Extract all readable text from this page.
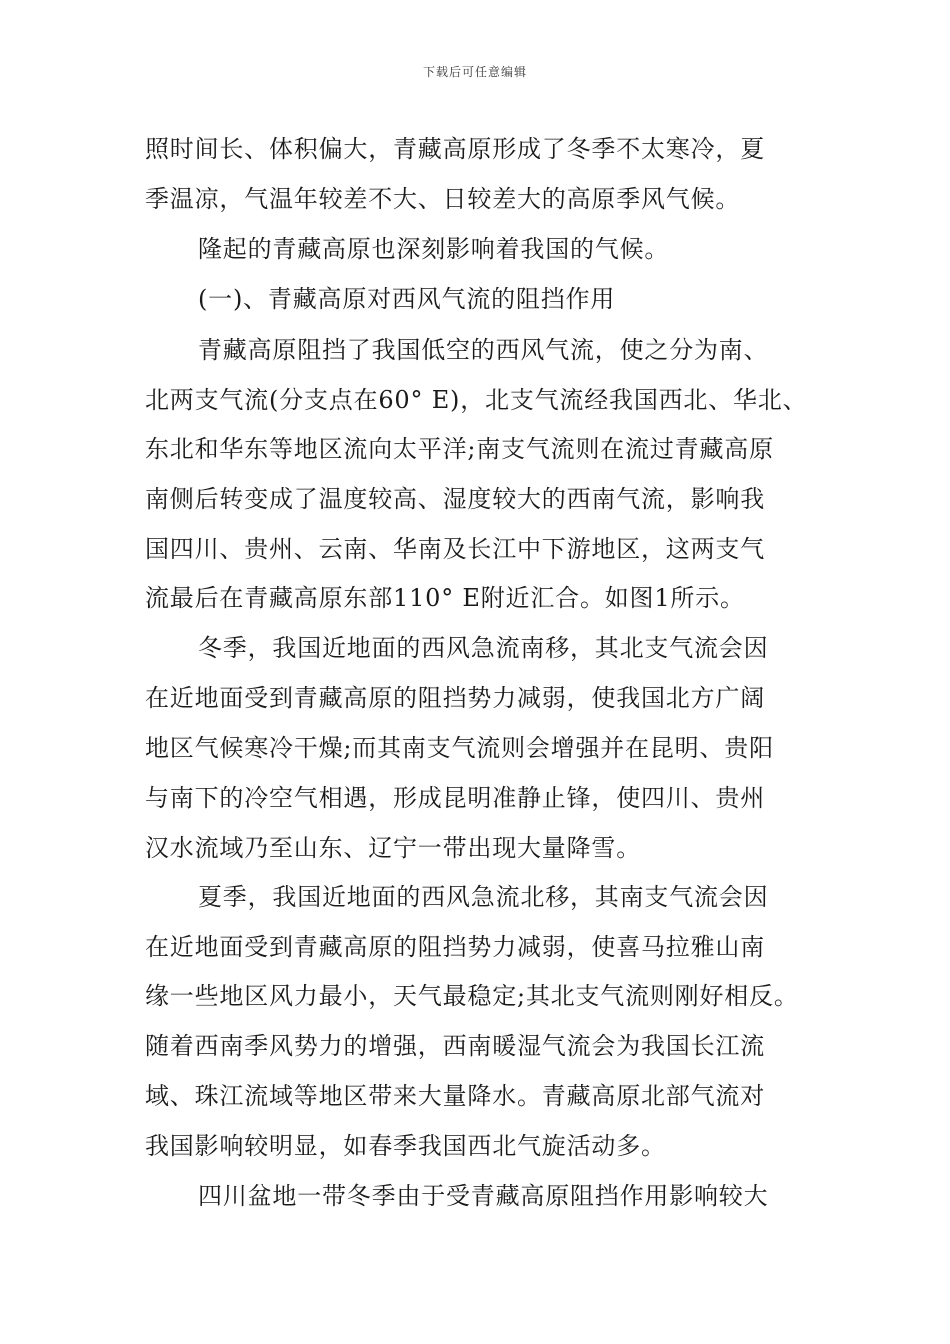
下载后可任意编辑
照时间长、体积偏大，青藏高原形成了冬季不太寒冷，夏
季温凉，气温年较差不大、日较差大的高原季风气候。
隆起的青藏高原也深刻影响着我国的气候。
(一)、青藏高原对西风气流的阻挡作用
青藏高原阻挡了我国低空的西风气流，使之分为南、
北两支气流(分支点在60° E)，北支气流经我国西北、华北、
东北和华东等地区流向太平洋;南支气流则在流过青藏高原
南侧后转变成了温度较高、湿度较大的西南气流，影响我
国四川、贵州、云南、华南及长江中下游地区，这两支气
流最后在青藏高原东部110° E附近汇合。如图1所示。
冬季，我国近地面的西风急流南移，其北支气流会因
在近地面受到青藏高原的阻挡势力减弱，使我国北方广阔
地区气候寒冷干燥;而其南支气流则会增强并在昆明、贵阳
与南下的冷空气相遇，形成昆明准静止锋，使四川、贵州
汉水流域乃至山东、辽宁一带出现大量降雪。
夏季，我国近地面的西风急流北移，其南支气流会因
在近地面受到青藏高原的阻挡势力减弱，使喜马拉雅山南
缘一些地区风力最小，天气最稳定;其北支气流则刚好相反。
随着西南季风势力的增强，西南暖湿气流会为我国长江流
域、珠江流域等地区带来大量降水。青藏高原北部气流对
我国影响较明显，如春季我国西北气旋活动多。
四川盆地一带冬季由于受青藏高原阻挡作用影响较大
